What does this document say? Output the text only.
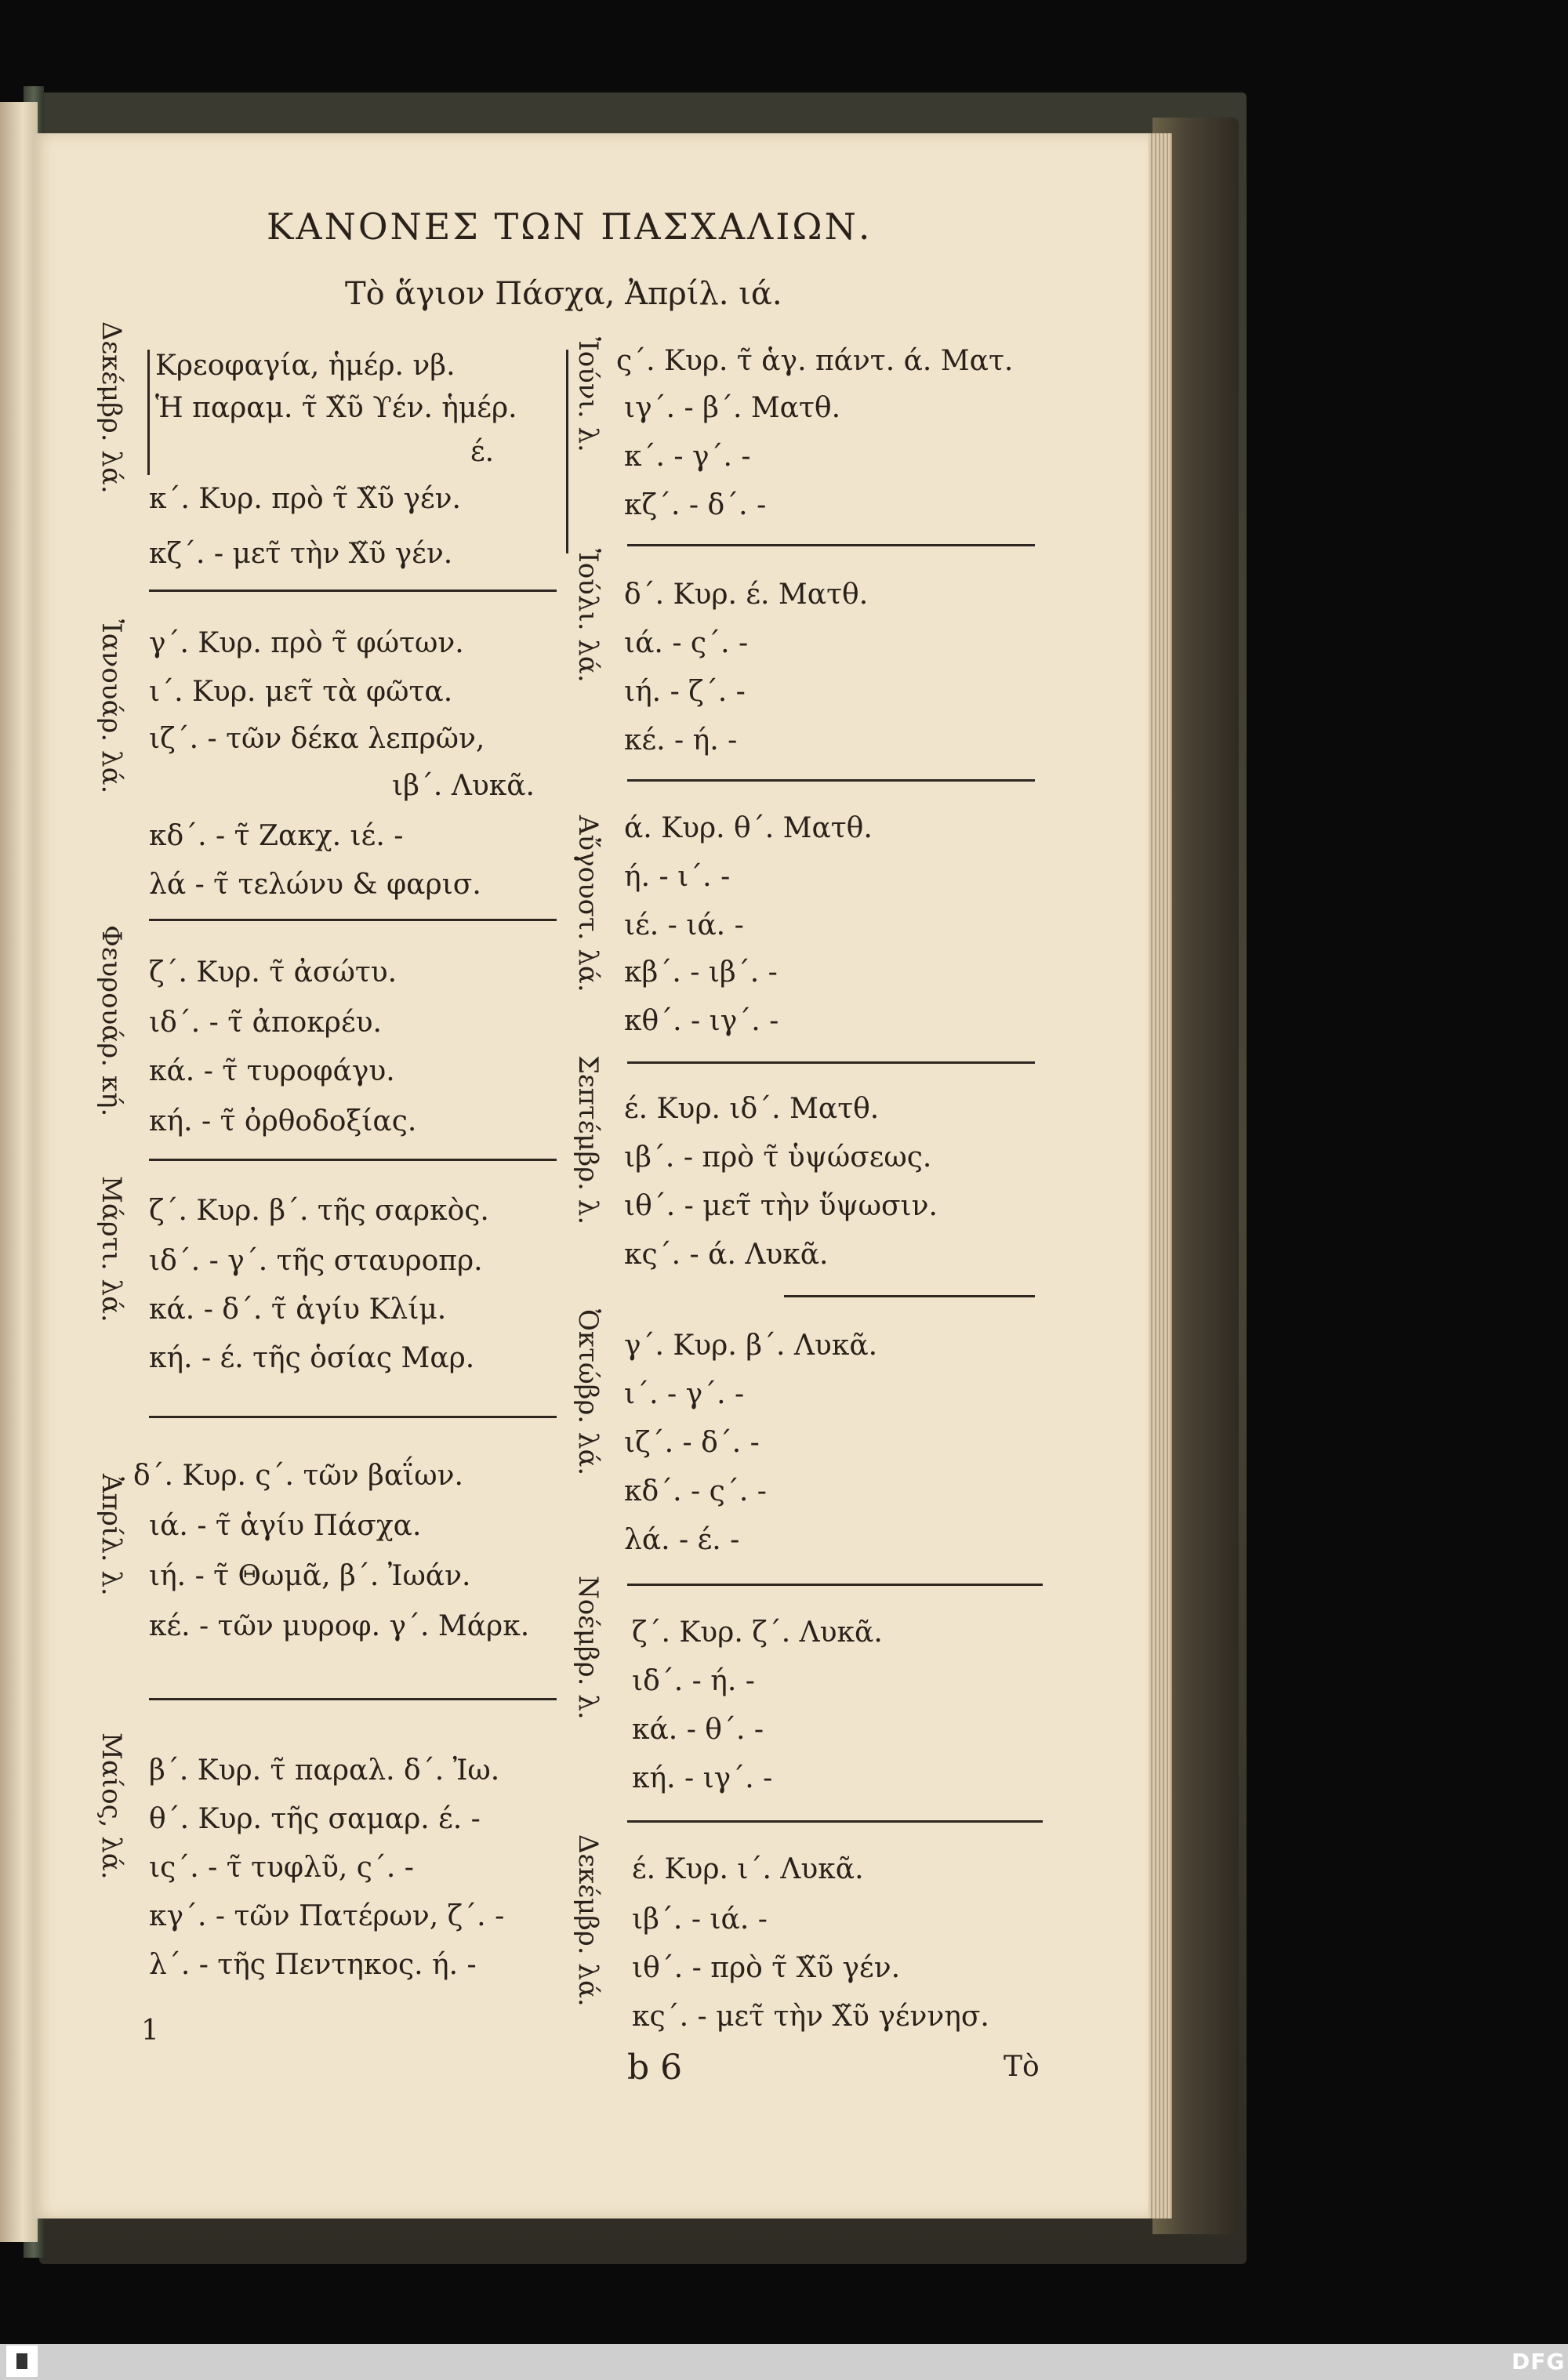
ΚΑΝΟΝΕΣ ΤΩΝ ΠΑΣΧΑΛΙΩΝ.
Τὸ ἅγιον Πάσχα, Ἀπρίλ. ιά.
Δεκέμβρ. λά.
Ἰανουάρ. λά.
Φευρουάρ. κή.
Μάρτι. λά.
Ἀπρίλ. λ.
Μαίος, λά.
Κρεοφαγία, ἡμέρ. νβ.
Ἡ παραμ. τ̃ Χ̃ῦ ϒέν. ἡμέρ.
έ.
κ΄. Κυρ. πρὸ τ̃ Χ̃ῦ γέν.
κζ΄. - μετ̃ τὴν Χ̃ῦ γέν.
γ΄. Κυρ. πρὸ τ̃ φώτων.
ι΄. Κυρ. μετ̃ τὰ φῶτα.
ιζ΄. - τῶν δέκα λεπρῶν,
ιβ΄. Λυκᾶ.
κδ΄. - τ̃ Ζακχ. ιέ. -
λά - τ̃ τελώνυ & φαρισ.
ζ΄. Κυρ. τ̃ ἀσώτυ.
ιδ΄. - τ̃ ἀποκρέυ.
κά. - τ̃ τυροφάγυ.
κή. - τ̃ ὀρθοδοξίας.
ζ΄. Κυρ. β΄. τῆς σαρκὸς.
ιδ΄. - γ΄. τῆς σταυροπρ.
κά. - δ΄. τ̃ ἁγίυ Κλίμ.
κή. - έ. τῆς ὁσίας Μαρ.
δ΄. Κυρ. ς΄. τῶν βαΐων.
ιά. - τ̃ ἁγίυ Πάσχα.
ιή. - τ̃ Θωμᾶ, β΄. Ἰωάν.
κέ. - τῶν μυροφ. γ΄. Μάρκ.
β΄. Κυρ. τ̃ παραλ. δ΄. Ἰω.
θ΄. Κυρ. τῆς σαμαρ. έ. -
ις΄. - τ̃ τυφλῦ, ς΄. -
κγ΄. - τῶν Πατέρων, ζ΄. -
λ΄. - τῆς Πεντηκος. ή. -
Ἰούνι. λ.
Ἰούλι. λά.
Αὔγουστ. λά.
Σεπτέμβρ. λ.
Ὀκτώβρ. λά.
Νοέμβρ. λ.
Δεκέμβρ. λά.
ς΄. Κυρ. τ̃ ἁγ. πάντ. ά. Ματ.
ιγ΄. - β΄. Ματθ.
κ΄. - γ΄. -
κζ΄. - δ΄. -
δ΄. Κυρ. έ. Ματθ.
ιά. - ς΄. -
ιή. - ζ΄. -
κέ. - ή. -
ά. Κυρ. θ΄. Ματθ.
ή. - ι΄. -
ιέ. - ιά. -
κβ΄. - ιβ΄. -
κθ΄. - ιγ΄. -
έ. Κυρ. ιδ΄. Ματθ.
ιβ΄. - πρὸ τ̃ ὑψώσεως.
ιθ΄. - μετ̃ τὴν ὕψωσιν.
κς΄. - ά. Λυκᾶ.
γ΄. Κυρ. β΄. Λυκᾶ.
ι΄. - γ΄. -
ιζ΄. - δ΄. -
κδ΄. - ς΄. -
λά. - έ. -
ζ΄. Κυρ. ζ΄. Λυκᾶ.
ιδ΄. - ή. -
κά. - θ΄. -
κή. - ιγ΄. -
έ. Κυρ. ι΄. Λυκᾶ.
ιβ΄. - ιά. -
ιθ΄. - πρὸ τ̃ Χ̃ῦ γέν.
κς΄. - μετ̃ τὴν Χ̃ῦ γέννησ.
1
b 6	Τὸ
DFG
